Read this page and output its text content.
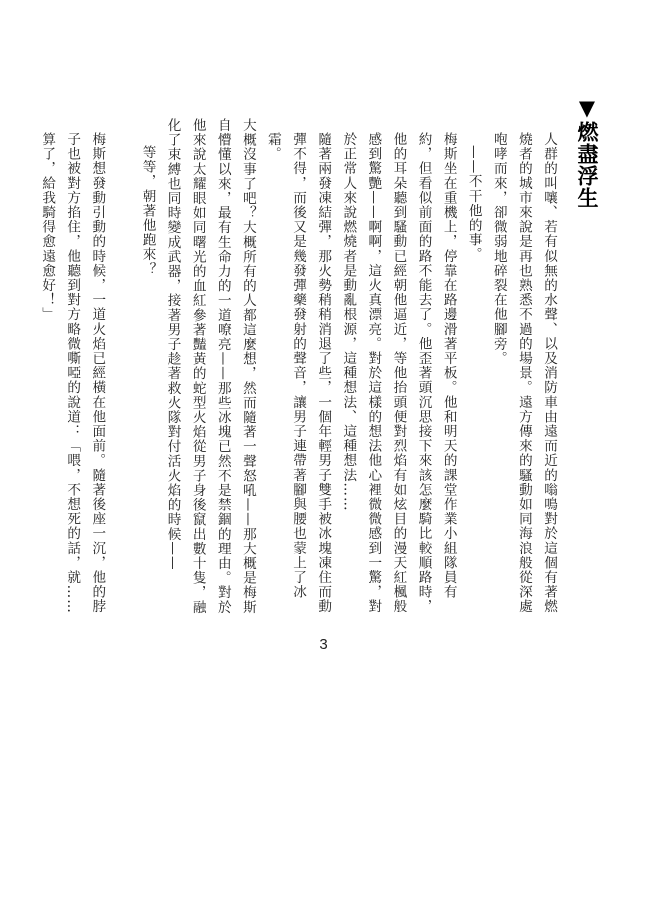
▼燃盡浮生

人群的叫嚷、若有似無的水聲、以及消防車由遠而近的嗡鳴對於這個有著燃燒者的城市來說是再也熟悉不過的場景。遠方傳來的騷動如同海浪般從深處咆哮而來，卻微弱地碎裂在他腳旁。

——不干他的事。

梅斯坐在重機上，停靠在路邊滑著平板。他和明天的課堂作業小組隊員有約，但看似前面的路不能去了。他歪著頭沉思接下來該怎麼騎比較順路時，他的耳朵聽到騷動已經朝他逼近，等他抬頭便對烈焰有如炫目的漫天紅楓般感到驚艷——啊啊，這火真漂亮。對於這樣的想法他心裡微微感到一驚，對於正常人來說燃燒者是動亂根源，這種想法、這種想法……

隨著兩發凍結彈，那火勢稍稍消退了些，一個年輕男子雙手被冰塊凍住而動彈不得，而後又是幾發彈藥發射的聲音，讓男子連帶著腳與腰也蒙上了冰霜。

大概沒事了吧？大概所有的人都這麼想，然而隨著一聲怒吼——那大概是梅斯自懵懂以來，最有生命力的一道嘹亮——那些冰塊已然不是禁錮的理由。對於他來說太耀眼如同曙光的血紅參著豔黃的蛇型火焰從男子身後竄出數十隻，融化了束縛也同時變成武器，接著男子趁著救火隊對付活火焰的時候——

等等，朝著他跑來？

梅斯想發動引動的時候，一道火焰已經橫在他面前。隨著後座一沉，他的脖子也被對方掐住，他聽到對方略微嘶啞的說道：「喂，不想死的話，就……算了，給我騎得愈遠愈好！」

3
